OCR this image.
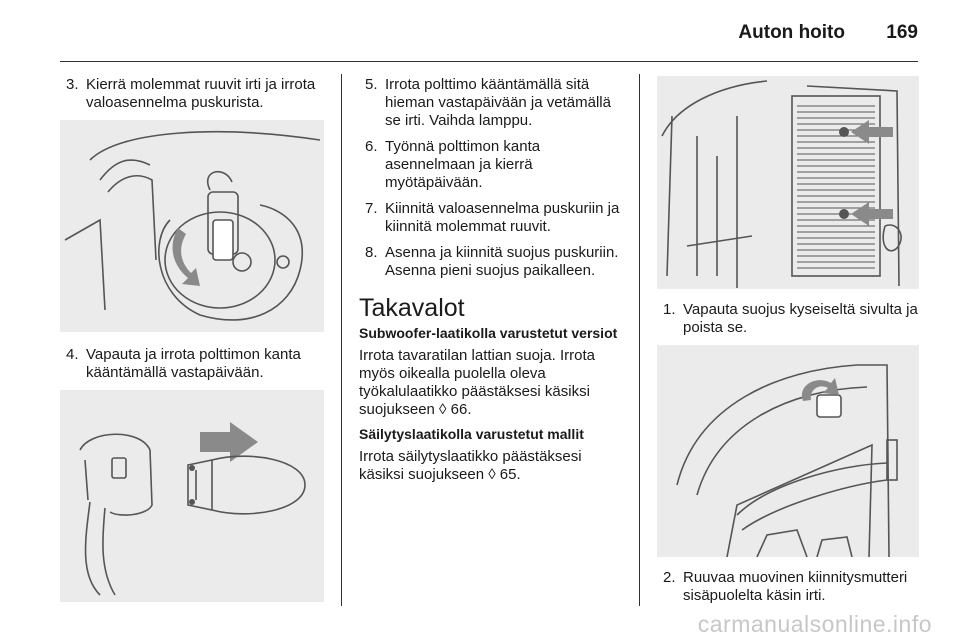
Auton hoito 169
3. Kierrä molemmat ruuvit irti ja irrota valoasennelma puskurista.
4. Vapauta ja irrota polttimon kanta kääntämällä vastapäivään.
5. Irrota polttimo kääntämällä sitä hieman vastapäivään ja vetämällä se irti. Vaihda lamppu.
6. Työnnä polttimon kanta asennelmaan ja kierrä myötäpäivään.
7. Kiinnitä valoasennelma puskuriin ja kiinnitä molemmat ruuvit.
8. Asenna ja kiinnitä suojus puskuriin. Asenna pieni suojus paikalleen.
Takavalot
Subwoofer-laatikolla varustetut versiot

Irrota tavaratilan lattian suoja. Irrota myös oikealla puolella oleva työkalulaatikko päästäksesi käsiksi suojukseen ◊ 66.

Säilytyslaatikolla varustetut mallit

Irrota säilytyslaatikko päästäksesi käsiksi suojukseen ◊ 65.

1. Vapauta suojus kyseiseltä sivulta ja poista se.
2. Ruuvaa muovinen kiinnitysmutteri sisäpuolelta käsin irti.
carmanualsonline.info
